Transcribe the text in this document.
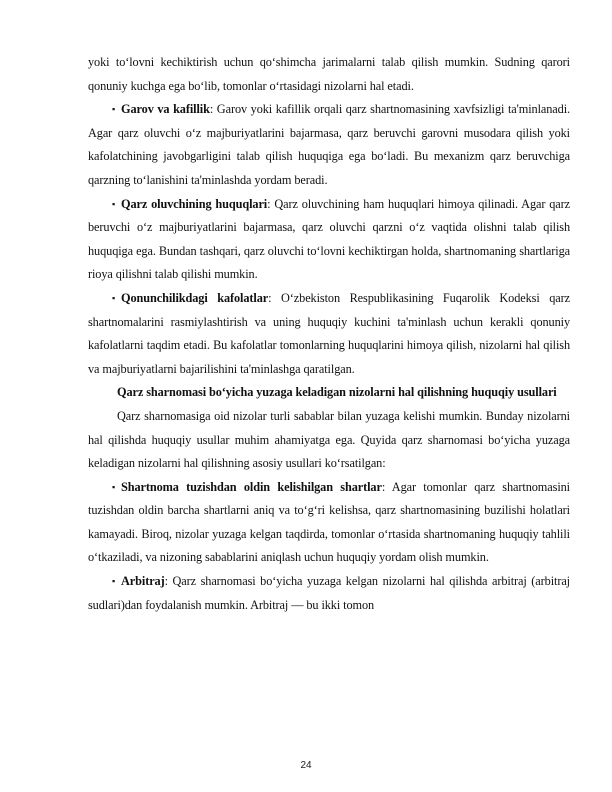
yoki to‘lovni kechiktirish uchun qo‘shimcha jarimalarni talab qilish mumkin. Sudning qarori qonuniy kuchga ega bo‘lib, tomonlar o‘rtasidagi nizolarni hal etadi.

▪ Garov va kafillik: Garov yoki kafillik orqali qarz shartnomasining xavfsizligi ta'minlanadi. Agar qarz oluvchi o‘z majburiyatlarini bajarmasa, qarz beruvchi garovni musodara qilish yoki kafolatchining javobgarligini talab qilish huquqiga ega bo‘ladi. Bu mexanizm qarz beruvchiga qarzning to‘lanishini ta'minlashda yordam beradi.

▪ Qarz oluvchining huquqlari: Qarz oluvchining ham huquqlari himoya qilinadi. Agar qarz beruvchi o‘z majburiyatlarini bajarmasa, qarz oluvchi qarzni o‘z vaqtida olishni talab qilish huquqiga ega. Bundan tashqari, qarz oluvchi to‘lovni kechiktirgan holda, shartnomaning shartlariga rioya qilishni talab qilishi mumkin.

▪ Qonunchilikdagi kafolatlar: O‘zbekiston Respublikasining Fuqarolik Kodeksi qarz shartnomalarini rasmiylashtirish va uning huquqiy kuchini ta'minlash uchun kerakli qonuniy kafolatlarni taqdim etadi. Bu kafolatlar tomonlarning huquqlarini himoya qilish, nizolarni hal qilish va majburiyatlarni bajarilishini ta'minlashga qaratilgan.

Qarz sharnomasi bo‘yicha yuzaga keladigan nizolarni hal qilishning huquqiy usullari

Qarz sharnomasiga oid nizolar turli sabablar bilan yuzaga kelishi mumkin. Bunday nizolarni hal qilishda huquqiy usullar muhim ahamiyatga ega. Quyida qarz sharnomasi bo‘yicha yuzaga keladigan nizolarni hal qilishning asosiy usullari ko‘rsatilgan:

▪ Shartnoma tuzishdan oldin kelishilgan shartlar: Agar tomonlar qarz shartnomasini tuzishdan oldin barcha shartlarni aniq va to‘g‘ri kelishsa, qarz shartnomasining buzilishi holatlari kamayadi. Biroq, nizolar yuzaga kelgan taqdirda, tomonlar o‘rtasida shartnomaning huquqiy tahlili o‘tkaziladi, va nizoning sabablarini aniqlash uchun huquqiy yordam olish mumkin.

▪ Arbitraj: Qarz sharnomasi bo‘yicha yuzaga kelgan nizolarni hal qilishda arbitraj (arbitraj sudlari)dan foydalanish mumkin. Arbitraj — bu ikki tomon

24
